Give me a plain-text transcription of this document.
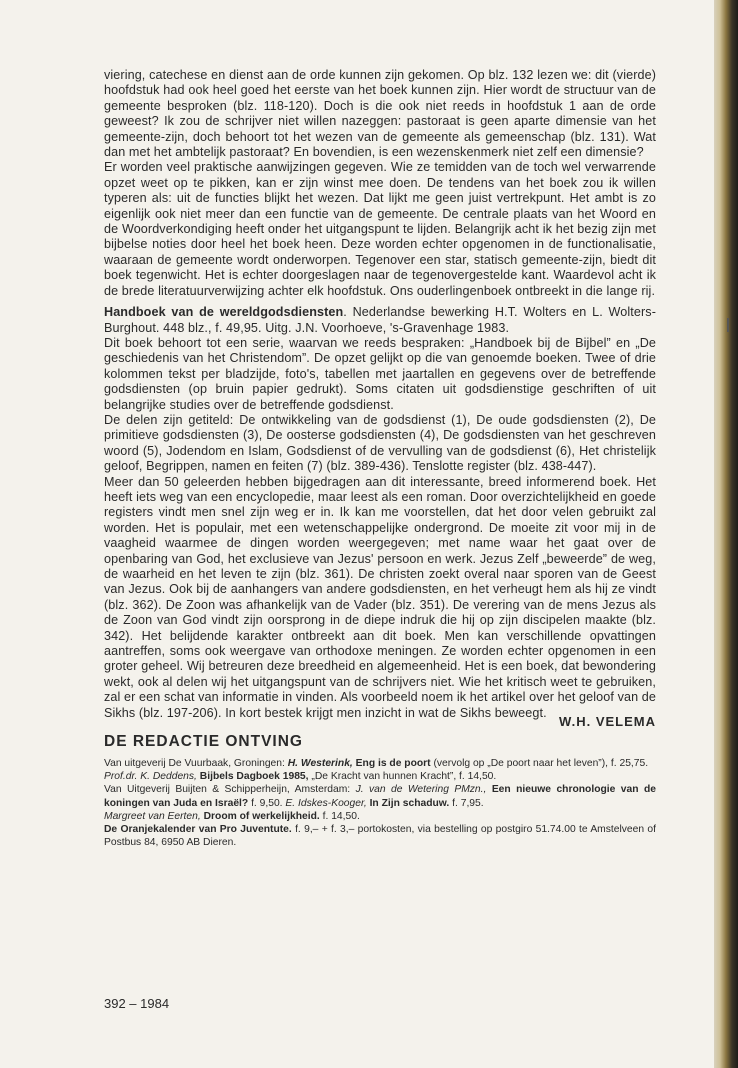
viering, catechese en dienst aan de orde kunnen zijn gekomen. Op blz. 132 lezen we: dit (vierde) hoofdstuk had ook heel goed het eerste van het boek kunnen zijn. Hier wordt de structuur van de gemeente besproken (blz. 118-120). Doch is die ook niet reeds in hoofdstuk 1 aan de orde geweest? Ik zou de schrijver niet willen nazeggen: pastoraat is geen aparte dimensie van het gemeente-zijn, doch behoort tot het wezen van de gemeente als gemeenschap (blz. 131). Wat dan met het ambtelijk pastoraat? En bovendien, is een wezenskenmerk niet zelf een dimensie?

Er worden veel praktische aanwijzingen gegeven. Wie ze temidden van de toch wel verwarrende opzet weet op te pikken, kan er zijn winst mee doen. De tendens van het boek zou ik willen typeren als: uit de functies blijkt het wezen. Dat lijkt me geen juist vertrekpunt. Het ambt is zo eigenlijk ook niet meer dan een functie van de gemeente. De centrale plaats van het Woord en de Woordverkondiging heeft onder het uitgangspunt te lijden. Belangrijk acht ik het bezig zijn met bijbelse noties door heel het boek heen. Deze worden echter opgenomen in de functionalisatie, waaraan de gemeente wordt onderworpen. Tegenover een star, statisch gemeente-zijn, biedt dit boek tegenwicht. Het is echter doorgeslagen naar de tegenovergestelde kant. Waardevol acht ik de brede literatuurverwijzing achter elk hoofdstuk. Ons ouderlingenboek ontbreekt in die lange rij.

Handboek van de wereldgodsdiensten. Nederlandse bewerking H.T. Wolters en L. Wolters-Burghout. 448 blz., f. 49,95. Uitg. J.N. Voorhoeve, 's-Gravenhage 1983.

Dit boek behoort tot een serie, waarvan we reeds bespraken: „Handboek bij de Bijbel” en „De geschiedenis van het Christendom”. De opzet gelijkt op die van genoemde boeken. Twee of drie kolommen tekst per bladzijde, foto's, tabellen met jaartallen en gegevens over de betreffende godsdiensten (op bruin papier gedrukt). Soms citaten uit godsdienstige geschriften of uit belangrijke studies over de betreffende godsdienst.

De delen zijn getiteld: De ontwikkeling van de godsdienst (1), De oude godsdiensten (2), De primitieve godsdiensten (3), De oosterse godsdiensten (4), De godsdiensten van het geschreven woord (5), Jodendom en Islam, Godsdienst of de vervulling van de godsdienst (6), Het christelijk geloof, Begrippen, namen en feiten (7) (blz. 389-436). Tenslotte register (blz. 438-447).

Meer dan 50 geleerden hebben bijgedragen aan dit interessante, breed informerend boek. Het heeft iets weg van een encyclopedie, maar leest als een roman. Door overzichtelijkheid en goede registers vindt men snel zijn weg er in. Ik kan me voorstellen, dat het door velen gebruikt zal worden. Het is populair, met een wetenschappelijke ondergrond. De moeite zit voor mij in de vaagheid waarmee de dingen worden weergegeven; met name waar het gaat over de openbaring van God, het exclusieve van Jezus' persoon en werk. Jezus Zelf „beweerde” de weg, de waarheid en het leven te zijn (blz. 361). De christen zoekt overal naar sporen van de Geest van Jezus. Ook bij de aanhangers van andere godsdiensten, en het verheugt hem als hij ze vindt (blz. 362). De Zoon was afhankelijk van de Vader (blz. 351). De verering van de mens Jezus als de Zoon van God vindt zijn oorsprong in de diepe indruk die hij op zijn discipelen maakte (blz. 342). Het belijdende karakter ontbreekt aan dit boek. Men kan verschillende opvattingen aantreffen, soms ook weergave van orthodoxe meningen. Ze worden echter opgenomen in een groter geheel. Wij betreuren deze breedheid en algemeenheid. Het is een boek, dat bewondering wekt, ook al delen wij het uitgangspunt van de schrijvers niet. Wie het kritisch weet te gebruiken, zal er een schat van informatie in vinden. Als voorbeeld noem ik het artikel over het geloof van de Sikhs (blz. 197-206). In kort bestek krijgt men inzicht in wat de Sikhs beweegt.

W.H. VELEMA
DE REDACTIE ONTVING

Van uitgeverij De Vuurbaak, Groningen: H. Westerink, Eng is de poort (vervolg op „De poort naar het leven”), f. 25,75.

Prof.dr. K. Deddens, Bijbels Dagboek 1985, „De Kracht van hunnen Kracht”, f. 14,50.

Van Uitgeverij Buijten & Schipperheijn, Amsterdam: J. van de Wetering PMzn., Een nieuwe chronologie van de koningen van Juda en Israël? f. 9,50. E. Idskes-Kooger, In Zijn schaduw. f. 7,95.
Margreet van Eerten, Droom of werkelijkheid. f. 14,50.

De Oranjekalender van Pro Juventute. f. 9,– + f. 3,– portokosten, via bestelling op postgiro 51.74.00 te Amstelveen of Postbus 84, 6950 AB Dieren.

392 – 1984
